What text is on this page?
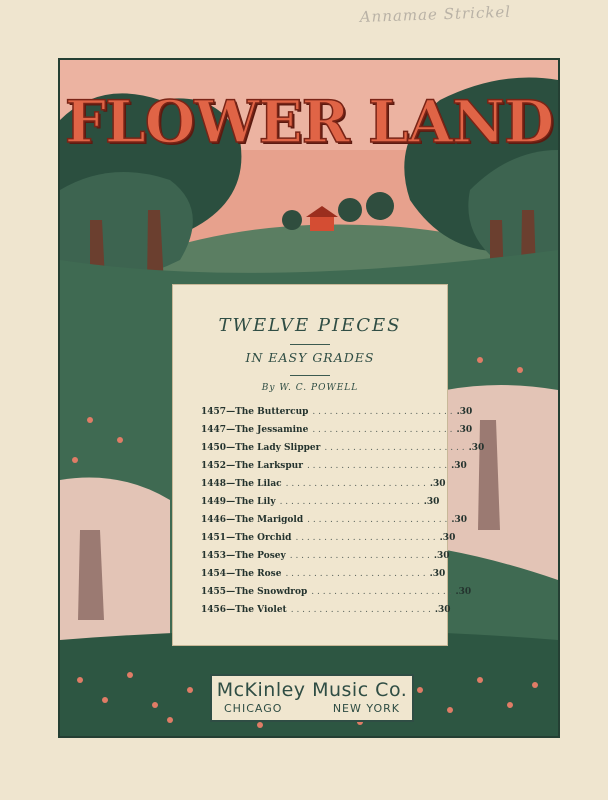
Annamae Strickel
FLOWER LAND
TWELVE PIECES
IN EASY GRADES
By W. C. POWELL
1457 —The Buttercup . . . . . . . . . . . . . . . . . . . . . . . . . .30
1447 —The Jessamine . . . . . . . . . . . . . . . . . . . . . . . . . .30
1450 —The Lady Slipper . . . . . . . . . . . . . . . . . . . . . . . . . .30
1452 —The Larkspur . . . . . . . . . . . . . . . . . . . . . . . . . .30
1448 —The Lilac . . . . . . . . . . . . . . . . . . . . . . . . . .30
1449 —The Lily . . . . . . . . . . . . . . . . . . . . . . . . . .30
1446 —The Marigold . . . . . . . . . . . . . . . . . . . . . . . . . .30
1451 —The Orchid . . . . . . . . . . . . . . . . . . . . . . . . . .30
1453 —The Posey . . . . . . . . . . . . . . . . . . . . . . . . . .30
1454 —The Rose . . . . . . . . . . . . . . . . . . . . . . . . . .30
1455 —The Snowdrop . . . . . . . . . . . . . . . . . . . . . . . . . .30
1456 —The Violet . . . . . . . . . . . . . . . . . . . . . . . . . .30
McKinley Music Co.
CHICAGO	NEW YORK
